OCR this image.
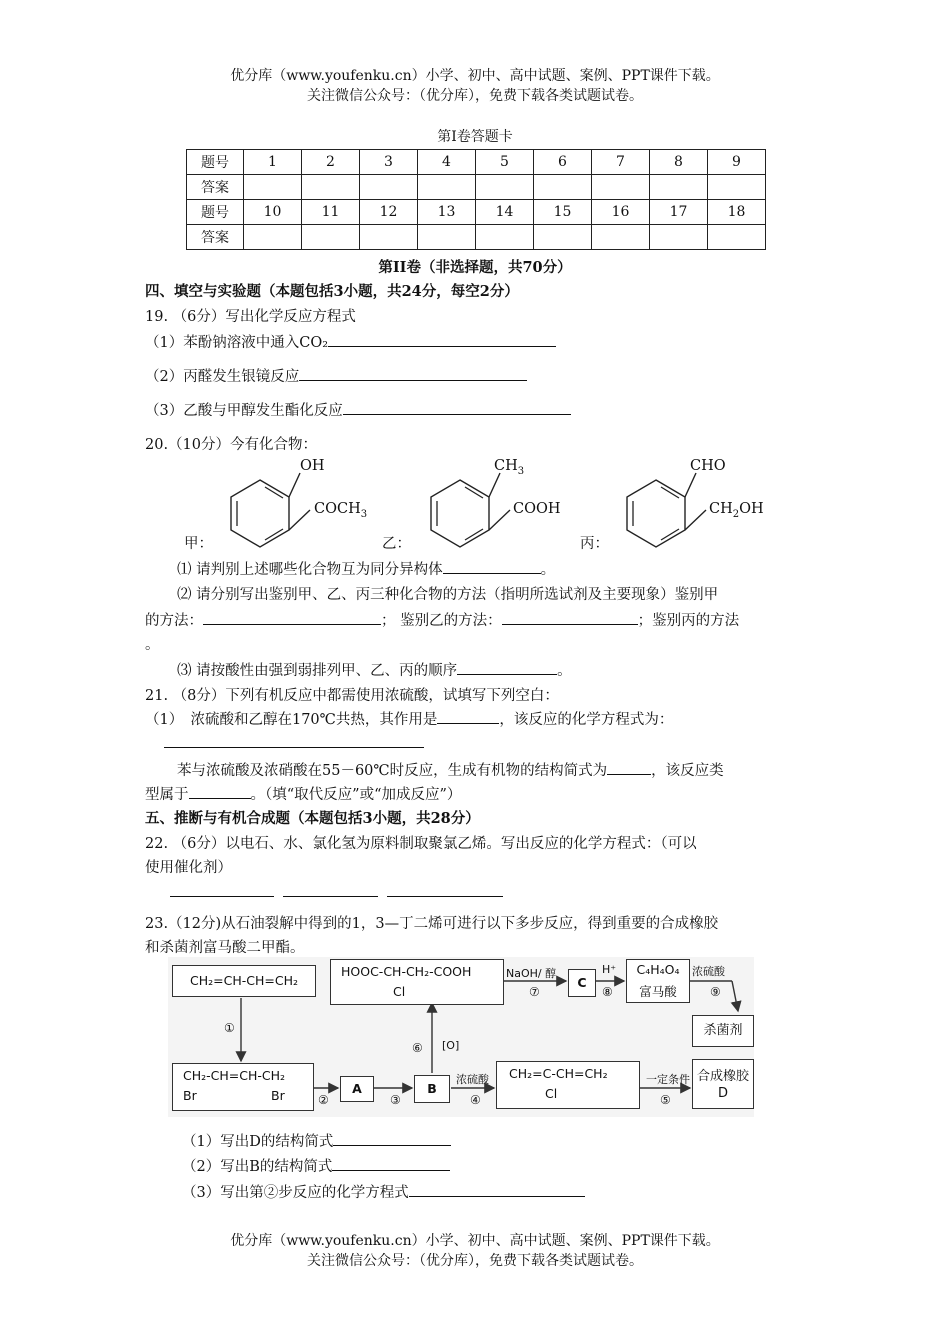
优分库（www.youfenku.cn）小学、初中、高中试题、案例、PPT课件下载。
关注微信公众号：（优分库），免费下载各类试题试卷。
第I卷答题卡
题号	1	2	3	4	5	6	7	8	9
答案									
题号	10	11	12	13	14	15	16	17	18
答案									
第II卷（非选择题，共70分）
四、填空与实验题（本题包括3小题，共24分，每空2分）
19. （6分）写出化学反应方程式
（1）苯酚钠溶液中通入CO₂
（2）丙醛发生银镜反应
（3）乙酸与甲醇发生酯化反应
20.（10分）今有化合物：
OH
$COCH_3$
甲：
$CH_3$
COOH
乙：
CHO
$CH_2OH$
丙：
⑴ 请判别上述哪些化合物互为同分异构体	。
⑵ 请分别写出鉴别甲、乙、丙三种化合物的方法（指明所选试剂及主要现象）鉴别甲
的方法：	； 鉴别乙的方法：	；鉴别丙的方法
。
⑶ 请按酸性由强到弱排列甲、乙、丙的顺序	。
21. （8分）下列有机反应中都需使用浓硫酸，试填写下列空白：
（1）　浓硫酸和乙醇在170℃共热，其作用是	，该反应的化学方程式为：
苯与浓硫酸及浓硝酸在55－60℃时反应，生成有机物的结构简式为	，该反应类
型属于	。（填“取代反应”或“加成反应”）
五、推断与有机合成题（本题包括3小题，共28分）
22. （6分）以电石、水、氯化氢为原料制取聚氯乙烯。写出反应的化学方程式：（可以
使用催化剂）
23.（12分)从石油裂解中得到的1，3—丁二烯可进行以下多步反应，得到重要的合成橡胶
和杀菌剂富马酸二甲酯。
CH₂=CH-CH=CH₂
HOOC-CH-CH₂-COOH
Cl
NaOH/ 醇
⑦
C
H⁺
⑧
C₄H₄O₄
富马酸
浓硫酸
⑨
杀菌剂
①
CH₂-CH=CH-CH₂
Br	Br	②
A
③
B
⑥ [O]
浓硫酸
④
CH₂=C-CH=CH₂
Cl
一定条件
⑤
合成橡胶
D
（1）写出D的结构简式
（2）写出B的结构简式
（3）写出第②步反应的化学方程式
优分库（www.youfenku.cn）小学、初中、高中试题、案例、PPT课件下载。
关注微信公众号：（优分库），免费下载各类试题试卷。
